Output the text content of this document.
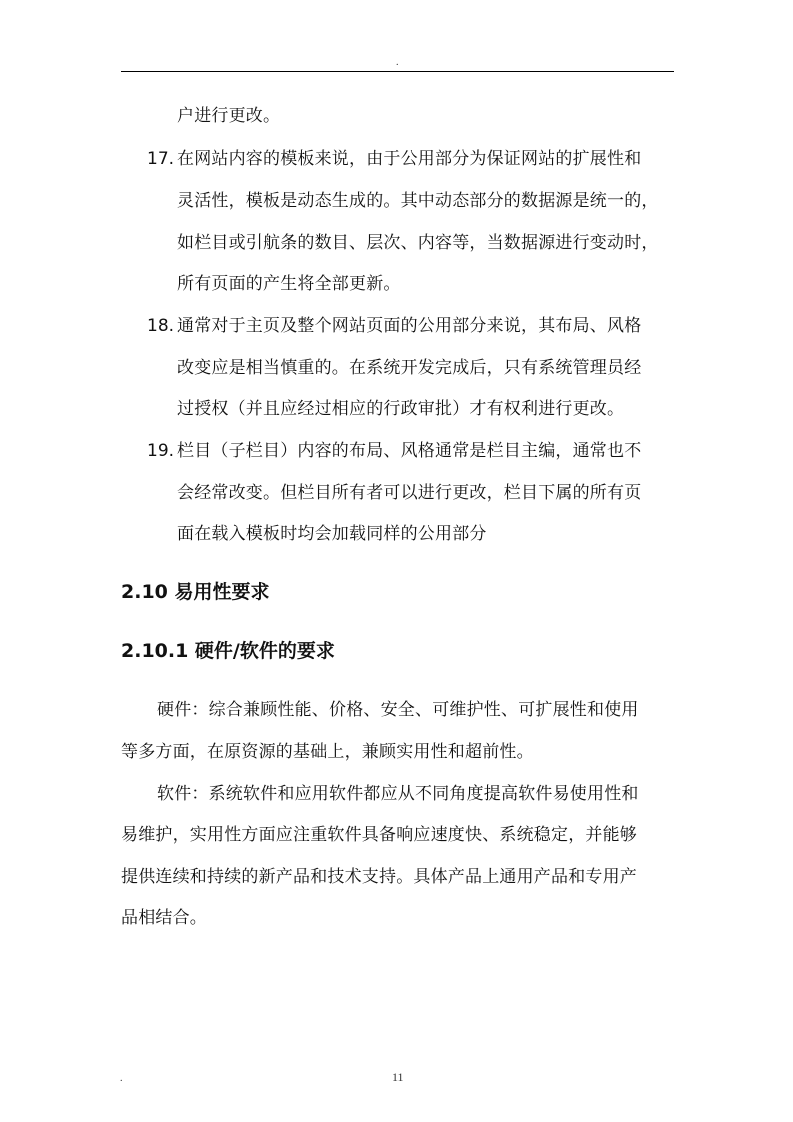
.
户进行更改。
17. 在网站内容的模板来说，由于公用部分为保证网站的扩展性和
灵活性，模板是动态生成的。其中动态部分的数据源是统一的，
如栏目或引航条的数目、层次、内容等，当数据源进行变动时，
所有页面的产生将全部更新。
18. 通常对于主页及整个网站页面的公用部分来说，其布局、风格
改变应是相当慎重的。在系统开发完成后，只有系统管理员经
过授权（并且应经过相应的行政审批）才有权利进行更改。
19. 栏目（子栏目）内容的布局、风格通常是栏目主编，通常也不
会经常改变。但栏目所有者可以进行更改，栏目下属的所有页
面在载入模板时均会加载同样的公用部分
2.10 易用性要求
2.10.1 硬件/软件的要求
硬件：综合兼顾性能、价格、安全、可维护性、可扩展性和使用
等多方面，在原资源的基础上，兼顾实用性和超前性。
软件：系统软件和应用软件都应从不同角度提高软件易使用性和
易维护，实用性方面应注重软件具备响应速度快、系统稳定，并能够
提供连续和持续的新产品和技术支持。具体产品上通用产品和专用产
品相结合。
.	11
